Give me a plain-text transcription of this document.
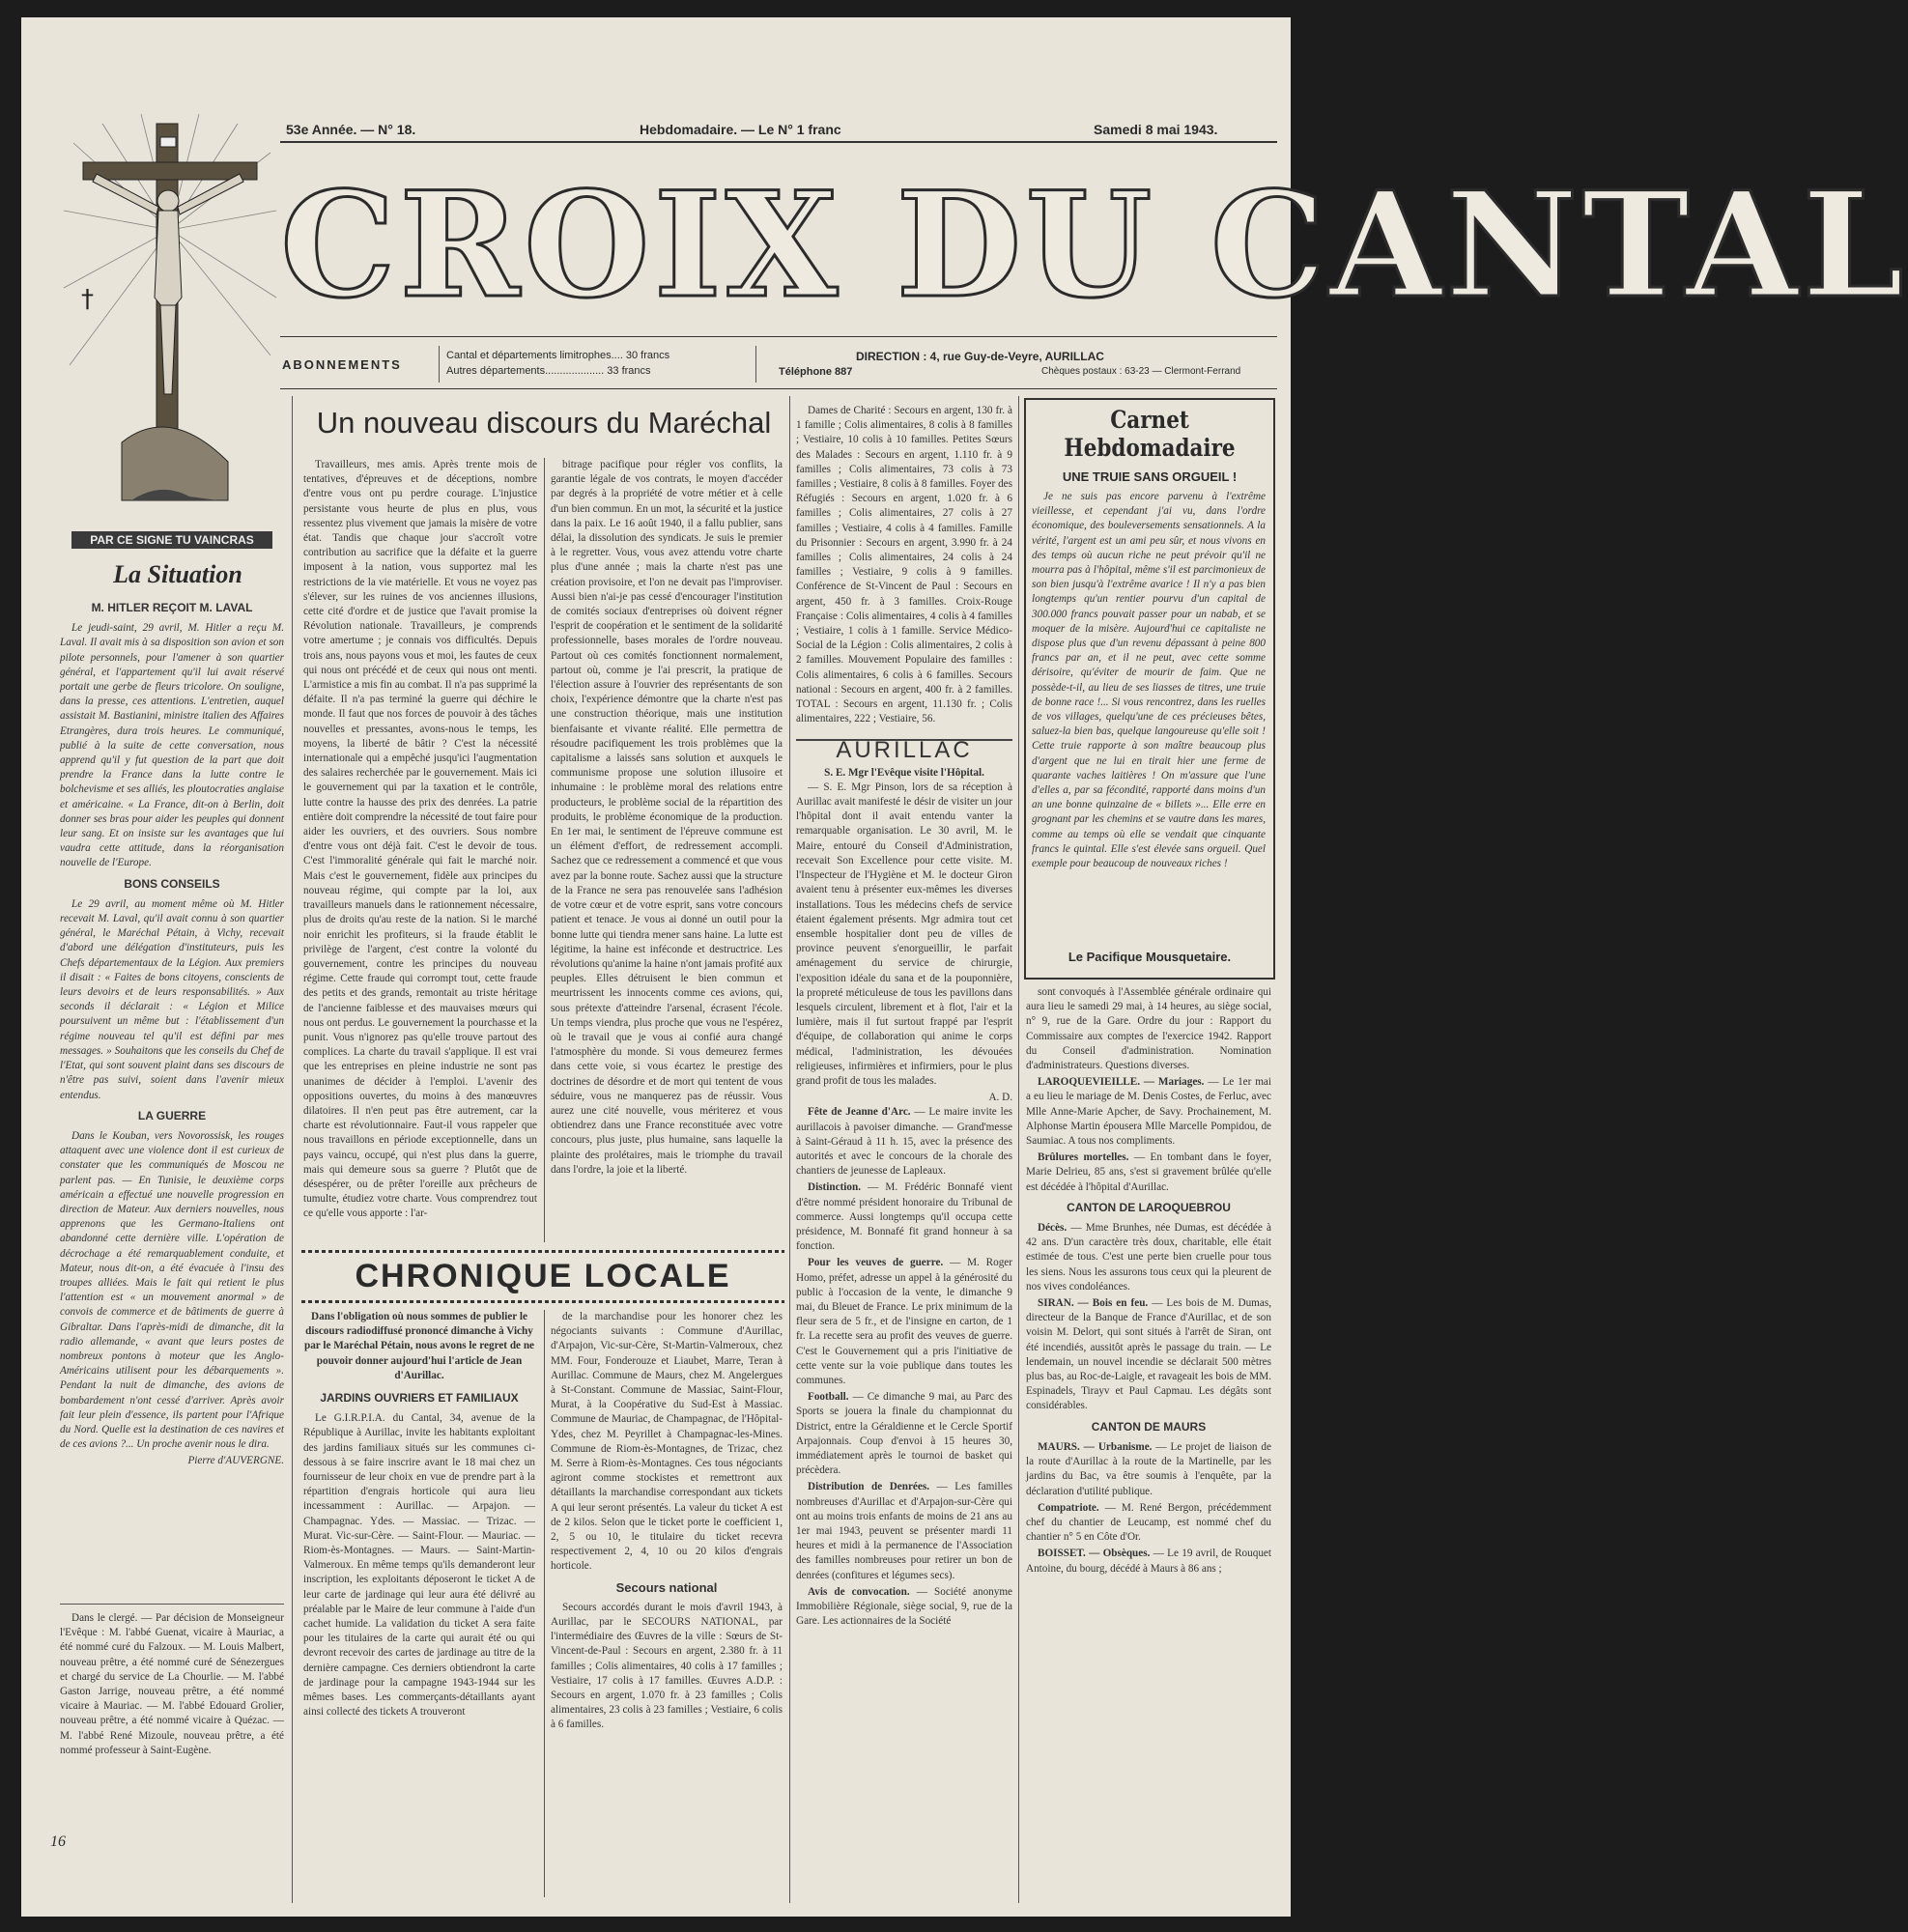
53e Année. — N° 18.	Hebdomadaire. — Le N° 1 franc	Samedi 8 mai 1943.
†
PAR CE SIGNE TU VAINCRAS
CROIX DU CANTAL
ABONNEMENTS
Cantal et départements limitrophes.... 30 francs
Autres départements.................... 33 francs
DIRECTION : 4, rue Guy-de-Veyre, AURILLAC
Téléphone 887	Chèques postaux : 63-23 — Clermont-Ferrand
La Situation
M. HITLER REÇOIT M. LAVAL

Le jeudi-saint, 29 avril, M. Hitler a reçu M. Laval. Il avait mis à sa disposition son avion et son pilote personnels, pour l'amener à son quartier général, et l'appartement qu'il lui avait réservé portait une gerbe de fleurs tricolore. On souligne, dans la presse, ces attentions. L'entretien, auquel assistait M. Bastianini, ministre italien des Affaires Etrangères, dura trois heures. Le communiqué, publié à la suite de cette conversation, nous apprend qu'il y fut question de la part que doit prendre la France dans la lutte contre le bolchevisme et ses alliés, les ploutocraties anglaise et américaine. « La France, dit-on à Berlin, doit donner ses bras pour aider les peuples qui donnent leur sang. Et on insiste sur les avantages que lui vaudra cette attitude, dans la réorganisation nouvelle de l'Europe.

BONS CONSEILS

Le 29 avril, au moment même où M. Hitler recevait M. Laval, qu'il avait connu à son quartier général, le Maréchal Pétain, à Vichy, recevait d'abord une délégation d'instituteurs, puis les Chefs départementaux de la Légion. Aux premiers il disait : « Faites de bons citoyens, conscients de leurs devoirs et de leurs responsabilités. » Aux seconds il déclarait : « Légion et Milice poursuivent un même but : l'établissement d'un régime nouveau tel qu'il est défini par mes messages. » Souhaitons que les conseils du Chef de l'Etat, qui sont souvent plaint dans ses discours de n'être pas suivi, soient dans l'avenir mieux entendus.

LA GUERRE

Dans le Kouban, vers Novorossisk, les rouges attaquent avec une violence dont il est curieux de constater que les communiqués de Moscou ne parlent pas. — En Tunisie, le deuxième corps américain a effectué une nouvelle progression en direction de Mateur. Aux derniers nouvelles, nous apprenons que les Germano-Italiens ont abandonné cette dernière ville. L'opération de décrochage a été remarquablement conduite, et Mateur, nous dit-on, a été évacuée à l'insu des troupes alliées. Mais le fait qui retient le plus l'attention est « un mouvement anormal » de convois de commerce et de bâtiments de guerre à Gibraltar. Dans l'après-midi de dimanche, dit la radio allemande, « avant que leurs postes de nombreux pontons à moteur que les Anglo-Américains utilisent pour les débarquements ». Pendant la nuit de dimanche, des avions de bombardement n'ont cessé d'arriver. Après avoir fait leur plein d'essence, ils partent pour l'Afrique du Nord. Quelle est la destination de ces navires et de ces avions ?... Un proche avenir nous le dira.

Pierre d'AUVERGNE.

Dans le clergé. — Par décision de Monseigneur l'Evêque : M. l'abbé Guenat, vicaire à Mauriac, a été nommé curé du Falzoux. — M. Louis Malbert, nouveau prêtre, a été nommé curé de Sénezergues et chargé du service de La Chourlie. — M. l'abbé Gaston Jarrige, nouveau prêtre, a été nommé vicaire à Mauriac. — M. l'abbé Edouard Grolier, nouveau prêtre, a été nommé vicaire à Quézac. — M. l'abbé René Mizoule, nouveau prêtre, a été nommé professeur à Saint-Eugène.

16
Un nouveau discours du Maréchal

Travailleurs, mes amis. Après trente mois de tentatives, d'épreuves et de déceptions, nombre d'entre vous ont pu perdre courage. L'injustice persistante vous heurte de plus en plus, vous ressentez plus vivement que jamais la misère de votre état. Tandis que chaque jour s'accroît votre contribution au sacrifice que la défaite et la guerre imposent à la nation, vous supportez mal les restrictions de la vie matérielle. Et vous ne voyez pas s'élever, sur les ruines de vos anciennes illusions, cette cité d'ordre et de justice que l'avait promise la Révolution nationale. Travailleurs, je comprends votre amertume ; je connais vos difficultés. Depuis trois ans, nous payons vous et moi, les fautes de ceux qui nous ont précédé et de ceux qui nous ont menti. L'armistice a mis fin au combat. Il n'a pas supprimé la défaite. Il n'a pas terminé la guerre qui déchire le monde. Il faut que nos forces de pouvoir à des tâches nouvelles et pressantes, avons-nous le temps, les moyens, la liberté de bâtir ? C'est la nécessité internationale qui a empêché jusqu'ici l'augmentation des salaires recherchée par le gouvernement. Mais ici le gouvernement qui par la taxation et le contrôle, lutte contre la hausse des prix des denrées. La patrie entière doit comprendre la nécessité de tout faire pour aider les ouvriers, et des ouvriers. Sous nombre d'entre vous ont déjà fait. C'est le devoir de tous. C'est l'immoralité générale qui fait le marché noir. Mais c'est le gouvernement, fidèle aux principes du nouveau régime, qui compte par la loi, aux travailleurs manuels dans le rationnement nécessaire, plus de droits qu'au reste de la nation. Si le marché noir enrichit les profiteurs, si la fraude établit le privilège de l'argent, c'est contre la volonté du gouvernement, contre les principes du nouveau régime. Cette fraude qui corrompt tout, cette fraude des petits et des grands, remontait au triste héritage de l'ancienne faiblesse et des mauvaises mœurs qui nous ont perdus. Le gouvernement la pourchasse et la punit. Vous n'ignorez pas qu'elle trouve partout des complices. La charte du travail s'applique. Il est vrai que les entreprises en pleine industrie ne sont pas unanimes de décider à l'emploi. L'avenir des oppositions ouvertes, du moins à des manœuvres dilatoires. Il n'en peut pas être autrement, car la charte est révolutionnaire. Faut-il vous rappeler que nous travaillons en période exceptionnelle, dans un pays vaincu, occupé, qui n'est plus dans la guerre, mais qui demeure sous sa guerre ? Plutôt que de désespérer, ou de prêter l'oreille aux prêcheurs de tumulte, étudiez votre charte. Vous comprendrez tout ce qu'elle vous apporte : l'ar-

bitrage pacifique pour régler vos conflits, la garantie légale de vos contrats, le moyen d'accéder par degrés à la propriété de votre métier et à celle d'un bien commun. En un mot, la sécurité et la justice dans la paix. Le 16 août 1940, il a fallu publier, sans délai, la dissolution des syndicats. Je suis le premier à le regretter. Vous, vous avez attendu votre charte plus d'une année ; mais la charte n'est pas une création provisoire, et l'on ne devait pas l'improviser. Aussi bien n'ai-je pas cessé d'encourager l'institution de comités sociaux d'entreprises où doivent régner l'esprit de coopération et le sentiment de la solidarité professionnelle, bases morales de l'ordre nouveau. Partout où ces comités fonctionnent normalement, partout où, comme je l'ai prescrit, la pratique de l'élection assure à l'ouvrier des représentants de son choix, l'expérience démontre que la charte n'est pas une construction théorique, mais une institution bienfaisante et vivante réalité. Elle permettra de résoudre pacifiquement les trois problèmes que la capitalisme a laissés sans solution et auxquels le communisme propose une solution illusoire et inhumaine : le problème moral des relations entre producteurs, le problème social de la répartition des produits, le problème économique de la production. En 1er mai, le sentiment de l'épreuve commune est un élément d'effort, de redressement accompli. Sachez que ce redressement a commencé et que vous avez par la bonne route. Sachez aussi que la structure de la France ne sera pas renouvelée sans l'adhésion de votre cœur et de votre esprit, sans votre concours patient et tenace. Je vous ai donné un outil pour la bonne lutte qui tiendra mener sans haine. La lutte est légitime, la haine est inféconde et destructrice. Les révolutions qu'anime la haine n'ont jamais profité aux peuples. Elles détruisent le bien commun et meurtrissent les innocents comme ces avions, qui, sous prétexte d'atteindre l'arsenal, écrasent l'école. Un temps viendra, plus proche que vous ne l'espérez, où le travail que je vous ai confié aura changé l'atmosphère du monde. Si vous demeurez fermes dans cette voie, si vous écartez le prestige des doctrines de désordre et de mort qui tentent de vous séduire, vous ne manquerez pas de réussir. Vous aurez une cité nouvelle, vous mériterez et vous obtiendrez dans une France reconstituée avec votre concours, plus juste, plus humaine, sans laquelle la plainte des prolétaires, mais le triomphe du travail dans l'ordre, la joie et la liberté.

CHRONIQUE LOCALE
Dans l'obligation où nous sommes de publier le discours radiodiffusé prononcé dimanche à Vichy par le Maréchal Pétain, nous avons le regret de ne pouvoir donner aujourd'hui l'article de Jean d'Aurillac.
JARDINS OUVRIERS ET FAMILIAUX

Le G.I.R.P.I.A. du Cantal, 34, avenue de la République à Aurillac, invite les habitants exploitant des jardins familiaux situés sur les communes ci-dessous à se faire inscrire avant le 18 mai chez un fournisseur de leur choix en vue de prendre part à la répartition d'engrais horticole qui aura lieu incessamment : Aurillac. — Arpajon. — Champagnac. Ydes. — Massiac. — Trizac. — Murat. Vic-sur-Cère. — Saint-Flour. — Mauriac. — Riom-ès-Montagnes. — Maurs. — Saint-Martin-Valmeroux. En même temps qu'ils demanderont leur inscription, les exploitants déposeront le ticket A de leur carte de jardinage qui leur aura été délivré au préalable par le Maire de leur commune à l'aide d'un cachet humide. La validation du ticket A sera faite pour les titulaires de la carte qui aurait été ou qui devront recevoir des cartes de jardinage au titre de la dernière campagne. Ces derniers obtiendront la carte de jardinage pour la campagne 1943-1944 sur les mêmes bases. Les commerçants-détaillants ayant ainsi collecté des tickets A trouveront

de la marchandise pour les honorer chez les négociants suivants : Commune d'Aurillac, d'Arpajon, Vic-sur-Cère, St-Martin-Valmeroux, chez MM. Four, Fonderouze et Liaubet, Marre, Teran à Aurillac. Commune de Maurs, chez M. Angelergues à St-Constant. Commune de Massiac, Saint-Flour, Murat, à la Coopérative du Sud-Est à Massiac. Commune de Mauriac, de Champagnac, de l'Hôpital-Ydes, chez M. Peyrillet à Champagnac-les-Mines. Commune de Riom-ès-Montagnes, de Trizac, chez M. Serre à Riom-ès-Montagnes. Ces tous négociants agiront comme stockistes et remettront aux détaillants la marchandise correspondant aux tickets A qui leur seront présentés. La valeur du ticket A est de 2 kilos. Selon que le ticket porte le coefficient 1, 2, 5 ou 10, le titulaire du ticket recevra respectivement 2, 4, 10 ou 20 kilos d'engrais horticole.

Secours national

Secours accordés durant le mois d'avril 1943, à Aurillac, par le SECOURS NATIONAL, par l'intermédiaire des Œuvres de la ville : Sœurs de St-Vincent-de-Paul : Secours en argent, 2.380 fr. à 11 familles ; Colis alimentaires, 40 colis à 17 familles ; Vestiaire, 17 colis à 17 familles. Œuvres A.D.P. : Secours en argent, 1.070 fr. à 23 familles ; Colis alimentaires, 23 colis à 23 familles ; Vestiaire, 6 colis à 6 familles.

Dames de Charité : Secours en argent, 130 fr. à 1 famille ; Colis alimentaires, 8 colis à 8 familles ; Vestiaire, 10 colis à 10 familles. Petites Sœurs des Malades : Secours en argent, 1.110 fr. à 9 familles ; Colis alimentaires, 73 colis à 73 familles ; Vestiaire, 8 colis à 8 familles. Foyer des Réfugiés : Secours en argent, 1.020 fr. à 6 familles ; Colis alimentaires, 27 colis à 27 familles ; Vestiaire, 4 colis à 4 familles. Famille du Prisonnier : Secours en argent, 3.990 fr. à 24 familles ; Colis alimentaires, 24 colis à 24 familles ; Vestiaire, 9 colis à 9 familles. Conférence de St-Vincent de Paul : Secours en argent, 450 fr. à 3 familles. Croix-Rouge Française : Colis alimentaires, 4 colis à 4 familles ; Vestiaire, 1 colis à 1 famille. Service Médico-Social de la Légion : Colis alimentaires, 2 colis à 2 familles. Mouvement Populaire des familles : Colis alimentaires, 6 colis à 6 familles. Secours national : Secours en argent, 400 fr. à 2 familles. TOTAL : Secours en argent, 11.130 fr. ; Colis alimentaires, 222 ; Vestiaire, 56.

AURILLAC
S. E. Mgr l'Evêque visite l'Hôpital.

— S. E. Mgr Pinson, lors de sa réception à Aurillac avait manifesté le désir de visiter un jour l'hôpital dont il avait entendu vanter la remarquable organisation. Le 30 avril, M. le Maire, entouré du Conseil d'Administration, recevait Son Excellence pour cette visite. M. l'Inspecteur de l'Hygiène et M. le docteur Giron avaient tenu à présenter eux-mêmes les diverses installations. Tous les médecins chefs de service étaient également présents. Mgr admira tout cet ensemble hospitalier dont peu de villes de province peuvent s'enorgueillir, le parfait aménagement du service de chirurgie, l'exposition idéale du sana et de la pouponnière, la propreté méticuleuse de tous les pavillons dans lesquels circulent, librement et à flot, l'air et la lumière, mais il fut surtout frappé par l'esprit d'équipe, de collaboration qui anime le corps médical, l'administration, les dévouées religieuses, infirmières et infirmiers, pour le plus grand profit de tous les malades.

A. D.

Fête de Jeanne d'Arc. — Le maire invite les aurillacois à pavoiser dimanche. — Grand'messe à Saint-Géraud à 11 h. 15, avec la présence des autorités et avec le concours de la chorale des chantiers de jeunesse de Lapleaux.

Distinction. — M. Frédéric Bonnafé vient d'être nommé président honoraire du Tribunal de commerce. Aussi longtemps qu'il occupa cette présidence, M. Bonnafé fit grand honneur à sa fonction.

Pour les veuves de guerre. — M. Roger Homo, préfet, adresse un appel à la générosité du public à l'occasion de la vente, le dimanche 9 mai, du Bleuet de France. Le prix minimum de la fleur sera de 5 fr., et de l'insigne en carton, de 1 fr. La recette sera au profit des veuves de guerre. C'est le Gouvernement qui a pris l'initiative de cette vente sur la voie publique dans toutes les communes.

Football. — Ce dimanche 9 mai, au Parc des Sports se jouera la finale du championnat du District, entre la Géraldienne et le Cercle Sportif Arpajonnais. Coup d'envoi à 15 heures 30, immédiatement après le tournoi de basket qui précèdera.

Distribution de Denrées. — Les familles nombreuses d'Aurillac et d'Arpajon-sur-Cère qui ont au moins trois enfants de moins de 21 ans au 1er mai 1943, peuvent se présenter mardi 11 heures et midi à la permanence de l'Association des familles nombreuses pour retirer un bon de denrées (confitures et légumes secs).

Avis de convocation. — Société anonyme Immobilière Régionale, siège social, 9, rue de la Gare. Les actionnaires de la Société

Carnet Hebdomadaire
UNE TRUIE SANS ORGUEIL !

Je ne suis pas encore parvenu à l'extrême vieillesse, et cependant j'ai vu, dans l'ordre économique, des bouleversements sensationnels. A la vérité, l'argent est un ami peu sûr, et nous vivons en des temps où aucun riche ne peut prévoir qu'il ne mourra pas à l'hôpital, même s'il est parcimonieux de son bien jusqu'à l'extrême avarice ! Il n'y a pas bien longtemps qu'un rentier pourvu d'un capital de 300.000 francs pouvait passer pour un nabab, et se moquer de la misère. Aujourd'hui ce capitaliste ne dispose plus que d'un revenu dépassant à peine 800 francs par an, et il ne peut, avec cette somme dérisoire, qu'éviter de mourir de faim. Que ne possède-t-il, au lieu de ses liasses de titres, une truie de bonne race !... Si vous rencontrez, dans les ruelles de vos villages, quelqu'une de ces précieuses bêtes, saluez-la bien bas, quelque langoureuse qu'elle soit ! Cette truie rapporte à son maître beaucoup plus d'argent que ne lui en tirait hier une ferme de quarante vaches laitières ! On m'assure que l'une d'elles a, par sa fécondité, rapporté dans moins d'un an une bonne quinzaine de « billets »... Elle erre en grognant par les chemins et se vautre dans les mares, comme au temps où elle se vendait que cinquante francs le quintal. Elle s'est élevée sans orgueil. Quel exemple pour beaucoup de nouveaux riches !

Le Pacifique Mousquetaire.

sont convoqués à l'Assemblée générale ordinaire qui aura lieu le samedi 29 mai, à 14 heures, au siège social, n° 9, rue de la Gare. Ordre du jour : Rapport du Commissaire aux comptes de l'exercice 1942. Rapport du Conseil d'administration. Nomination d'administrateurs. Questions diverses.

LAROQUEVIEILLE. — Mariages. — Le 1er mai a eu lieu le mariage de M. Denis Costes, de Ferluc, avec Mlle Anne-Marie Apcher, de Savy. Prochainement, M. Alphonse Martin épousera Mlle Marcelle Pompidou, de Saumiac. A tous nos compliments.

Brûlures mortelles. — En tombant dans le foyer, Marie Delrieu, 85 ans, s'est si gravement brûlée qu'elle est décédée à l'hôpital d'Aurillac.

CANTON DE LAROQUEBROU

Décès. — Mme Brunhes, née Dumas, est décédée à 42 ans. D'un caractère très doux, charitable, elle était estimée de tous. C'est une perte bien cruelle pour tous les siens. Nous les assurons tous ceux qui la pleurent de nos vives condoléances.

SIRAN. — Bois en feu. — Les bois de M. Dumas, directeur de la Banque de France d'Aurillac, et de son voisin M. Delort, qui sont situés à l'arrêt de Siran, ont été incendiés, aussitôt après le passage du train. — Le lendemain, un nouvel incendie se déclarait 500 mètres plus bas, au Roc-de-Laigle, et ravageait les bois de MM. Espinadels, Tirayv et Paul Capmau. Les dégâts sont considérables.

CANTON DE MAURS

MAURS. — Urbanisme. — Le projet de liaison de la route d'Aurillac à la route de la Martinelle, par les jardins du Bac, va être soumis à l'enquête, par la déclaration d'utilité publique.

Compatriote. — M. René Bergon, précédemment chef du chantier de Leucamp, est nommé chef du chantier n° 5 en Côte d'Or.

BOISSET. — Obsèques. — Le 19 avril, de Rouquet Antoine, du bourg, décédé à Maurs à 86 ans ;
